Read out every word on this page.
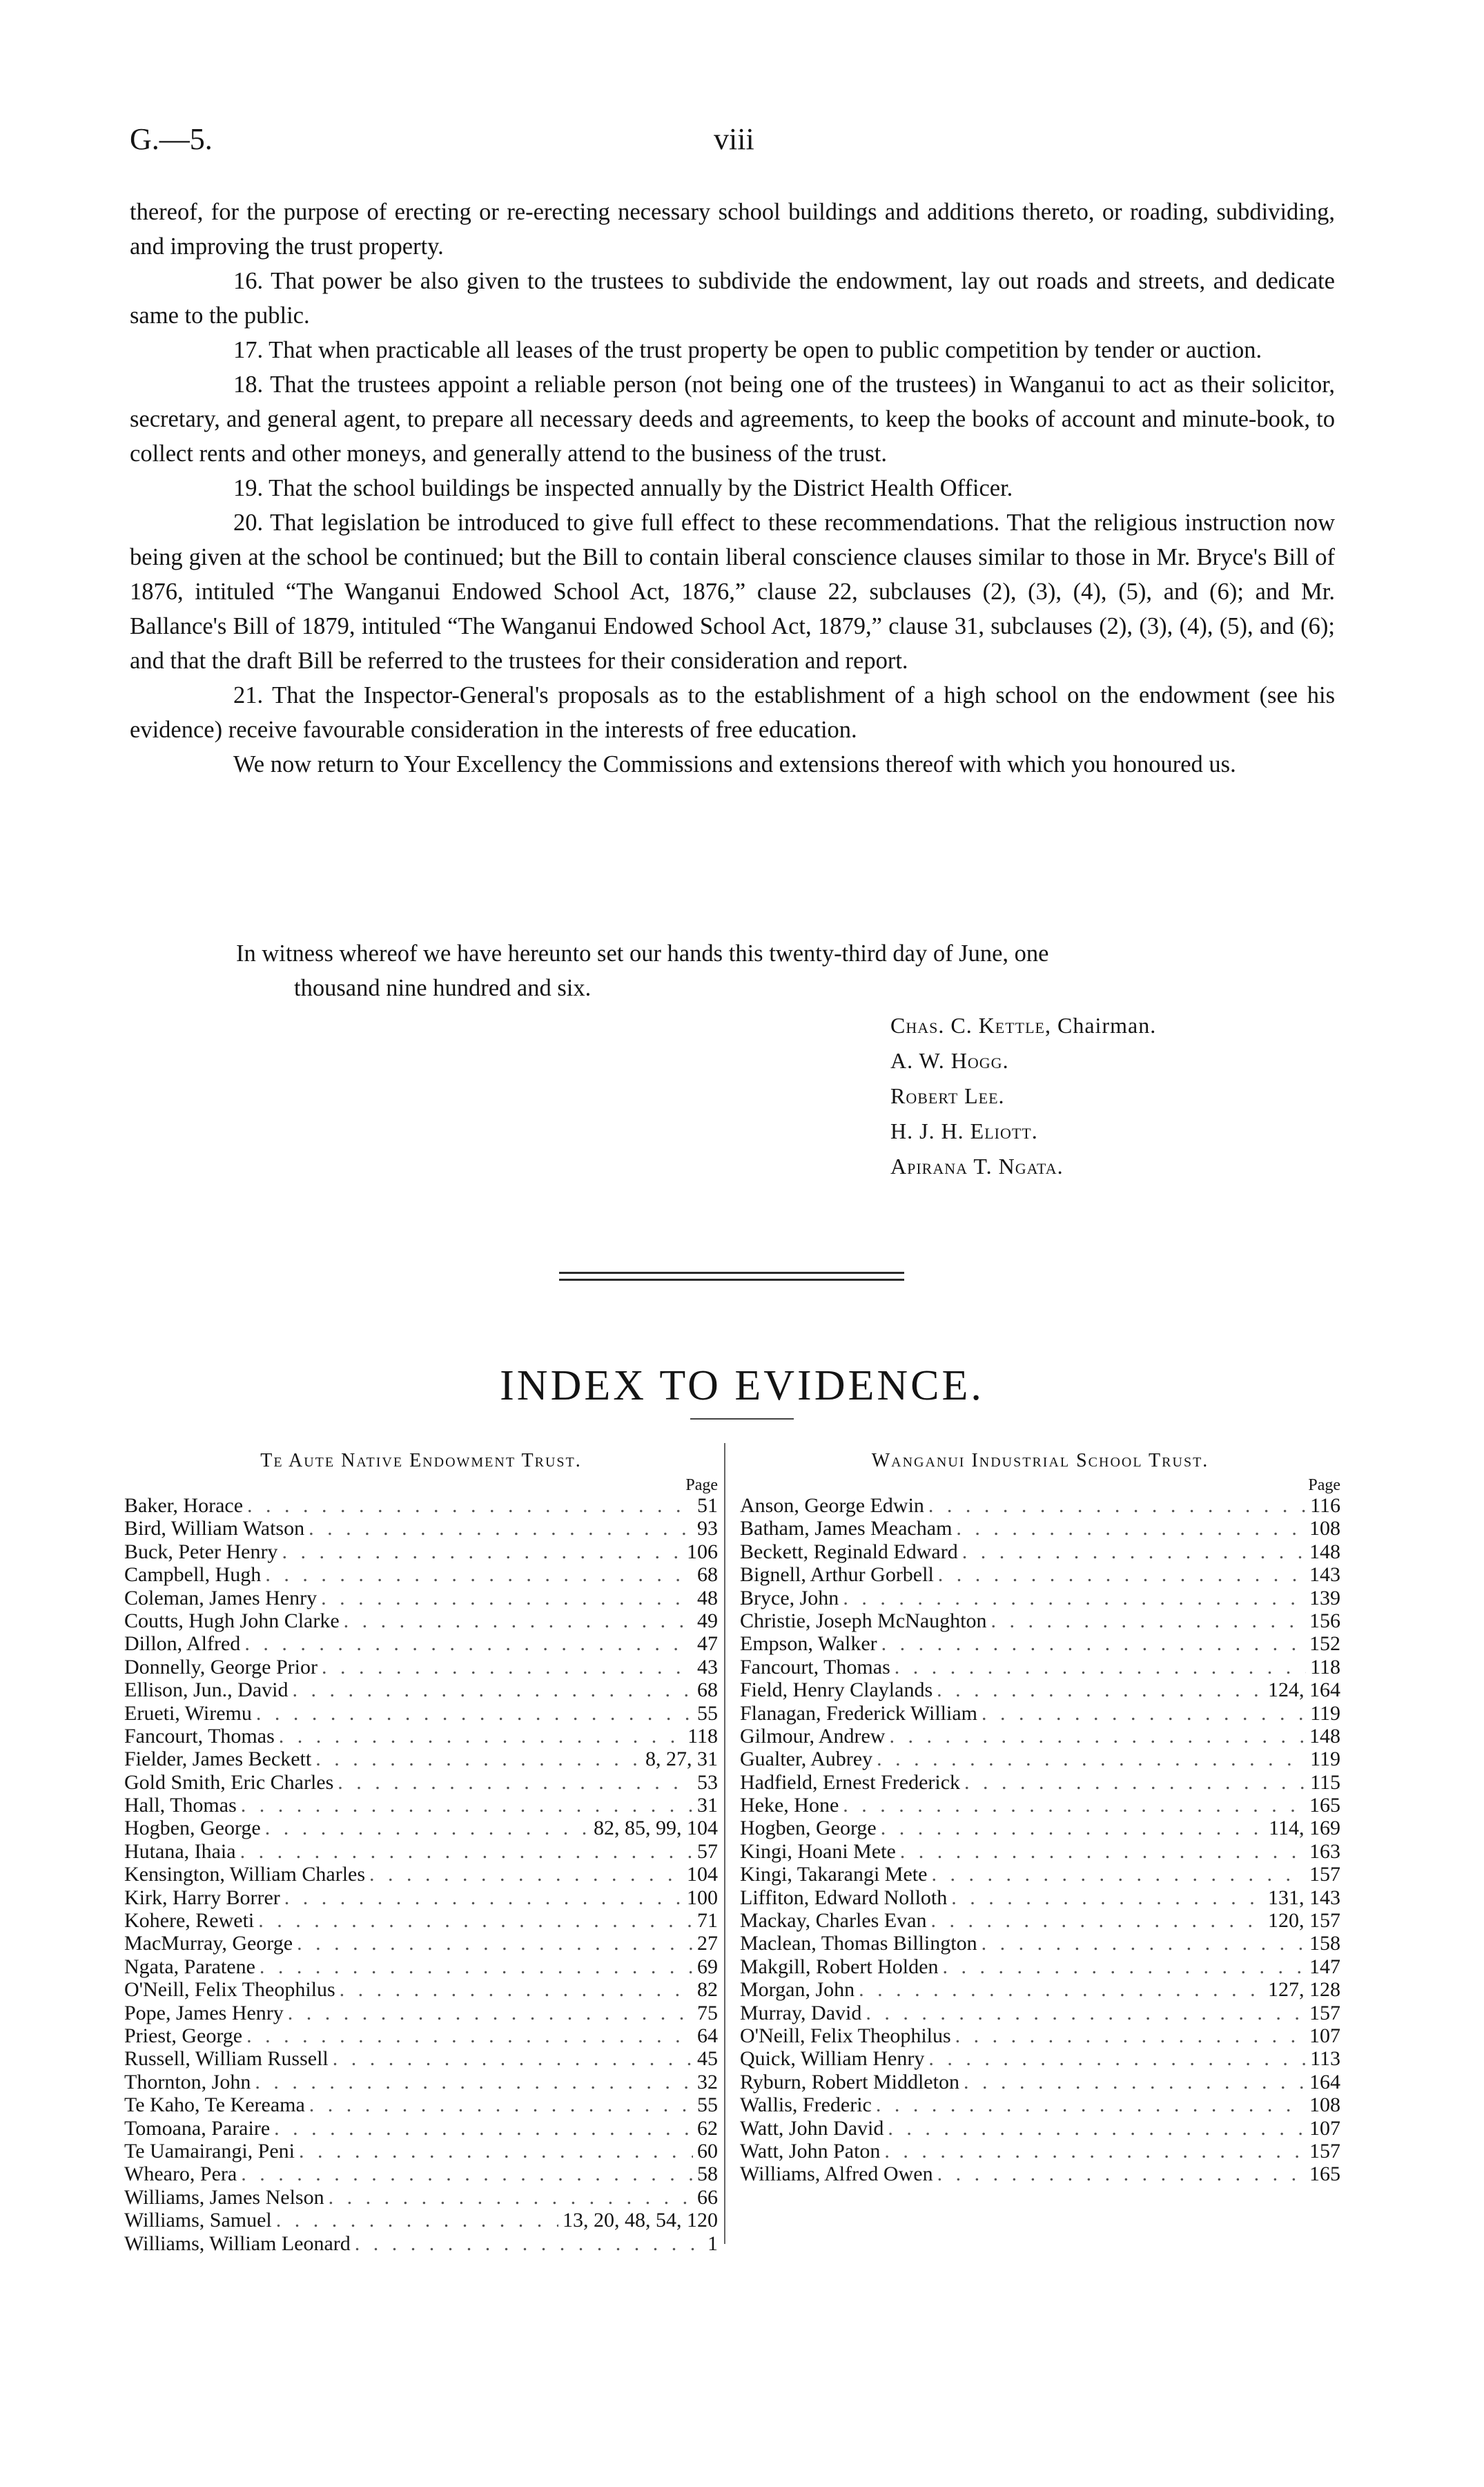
G.—5.	viii

thereof, for the purpose of erecting or re-erecting necessary school buildings and additions thereto, or roading, subdividing, and improving the trust property.

16. That power be also given to the trustees to subdivide the endowment, lay out roads and streets, and dedicate same to the public.

17. That when practicable all leases of the trust property be open to public competition by tender or auction.

18. That the trustees appoint a reliable person (not being one of the trustees) in Wanganui to act as their solicitor, secretary, and general agent, to prepare all necessary deeds and agreements, to keep the books of account and minute-book, to collect rents and other moneys, and generally attend to the business of the trust.

19. That the school buildings be inspected annually by the District Health Officer.

20. That legislation be introduced to give full effect to these recommendations. That the religious instruction now being given at the school be continued; but the Bill to contain liberal conscience clauses similar to those in Mr. Bryce's Bill of 1876, intituled “The Wanganui Endowed School Act, 1876,” clause 22, subclauses (2), (3), (4), (5), and (6); and Mr. Ballance's Bill of 1879, intituled “The Wanganui Endowed School Act, 1879,” clause 31, subclauses (2), (3), (4), (5), and (6); and that the draft Bill be referred to the trustees for their consideration and report.

21. That the Inspector-General's proposals as to the establishment of a high school on the endowment (see his evidence) receive favourable consideration in the interests of free education.

We now return to Your Excellency the Commissions and extensions thereof with which you honoured us.

In witness whereof we have hereunto set our hands this twenty-third day of June, one
thousand nine hundred and six.
Chas. C. Kettle, Chairman.
A. W. Hogg.
Robert Lee.
H. J. H. Eliott.
Apirana T. Ngata.
INDEX TO EVIDENCE.
Te Aute Native Endowment Trust.
Page
Baker, Horace . . .	51
Bird, William Watson . . .	93
Buck, Peter Henry . . .	106
Campbell, Hugh . . .	68
Coleman, James Henry . . .	48
Coutts, Hugh John Clarke . . .	49
Dillon, Alfred . . .	47
Donnelly, George Prior . . .	43
Ellison, Jun., David . . .	68
Erueti, Wiremu . . .	55
Fancourt, Thomas . . .	118
Fielder, James Beckett . . .	8, 27, 31
Gold Smith, Eric Charles . . .	53
Hall, Thomas . . .	31
Hogben, George . . .	82, 85, 99, 104
Hutana, Ihaia . . .	57
Kensington, William Charles . . .	104
Kirk, Harry Borrer . . .	100
Kohere, Reweti . . .	71
MacMurray, George . . .	27
Ngata, Paratene . . .	69
O'Neill, Felix Theophilus . . .	82
Pope, James Henry . . .	75
Priest, George . . .	64
Russell, William Russell . . .	45
Thornton, John . . .	32
Te Kaho, Te Kereama . . .	55
Tomoana, Paraire . . .	62
Te Uamairangi, Peni . . .	60
Whearo, Pera . . .	58
Williams, James Nelson . . .	66
Williams, Samuel . . .	13, 20, 48, 54, 120
Williams, William Leonard . . .	1
Wanganui Industrial School Trust.
Page
Anson, George Edwin . . .	116
Batham, James Meacham . . .	108
Beckett, Reginald Edward . . .	148
Bignell, Arthur Gorbell . . .	143
Bryce, John . . .	139
Christie, Joseph McNaughton . . .	156
Empson, Walker . . .	152
Fancourt, Thomas . . .	118
Field, Henry Claylands . . .	124, 164
Flanagan, Frederick William . . .	119
Gilmour, Andrew . . .	148
Gualter, Aubrey . . .	119
Hadfield, Ernest Frederick . . .	115
Heke, Hone . . .	165
Hogben, George . . .	114, 169
Kingi, Hoani Mete . . .	163
Kingi, Takarangi Mete . . .	157
Liffiton, Edward Nolloth . . .	131, 143
Mackay, Charles Evan . . .	120, 157
Maclean, Thomas Billington . . .	158
Makgill, Robert Holden . . .	147
Morgan, John . . .	127, 128
Murray, David . . .	157
O'Neill, Felix Theophilus . . .	107
Quick, William Henry . . .	113
Ryburn, Robert Middleton . . .	164
Wallis, Frederic . . .	108
Watt, John David . . .	107
Watt, John Paton . . .	157
Williams, Alfred Owen . . .	165
